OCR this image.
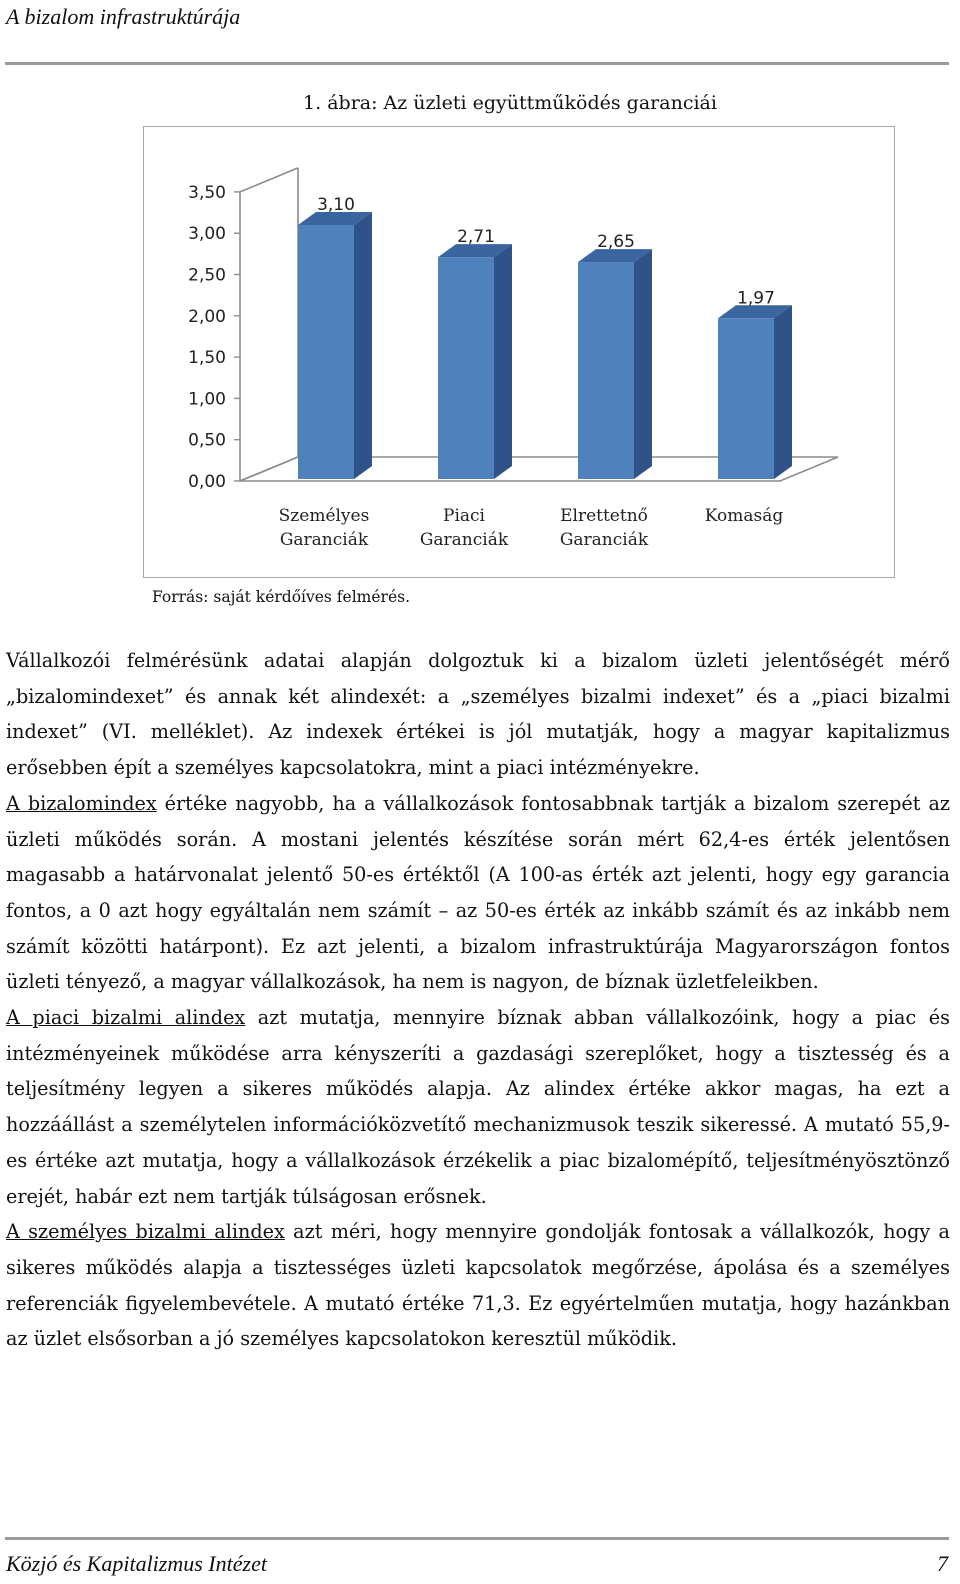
A bizalom infrastruktúrája
1. ábra: Az üzleti együttműködés garanciái
0,00
0,50
1,00
1,50
2,00
2,50
3,00
3,50
3,10
Személyes
Garanciák
2,71
Piaci
Garanciák
2,65
Elrettetnő
Garanciák
1,97
Komaság
Forrás: saját kérdőíves felmérés.

Vállalkozói felmérésünk adatai alapján dolgoztuk ki a bizalom üzleti jelentőségét mérő „bizalomindexet” és annak két alindexét: a „személyes bizalmi indexet” és a „piaci bizalmi indexet” (VI. melléklet). Az indexek értékei is jól mutatják, hogy a magyar kapitalizmus erősebben épít a személyes kapcsolatokra, mint a piaci intézményekre.

A bizalomindex értéke nagyobb, ha a vállalkozások fontosabbnak tartják a bizalom szerepét az üzleti működés során. A mostani jelentés készítése során mért 62,4-es érték jelentősen magasabb a határvonalat jelentő 50-es értéktől (A 100-as érték azt jelenti, hogy egy garancia fontos, a 0 azt hogy egyáltalán nem számít – az 50-es érték az inkább számít és az inkább nem számít közötti határpont). Ez azt jelenti, a bizalom infrastruktúrája Magyarországon fontos üzleti tényező, a magyar vállalkozások, ha nem is nagyon, de bíznak üzletfeleikben.

A piaci bizalmi alindex azt mutatja, mennyire bíznak abban vállalkozóink, hogy a piac és intézményeinek működése arra kényszeríti a gazdasági szereplőket, hogy a tisztesség és a teljesítmény legyen a sikeres működés alapja. Az alindex értéke akkor magas, ha ezt a hozzáállást a személytelen információközvetítő mechanizmusok teszik sikeressé. A mutató 55,9-es értéke azt mutatja, hogy a vállalkozások érzékelik a piac bizalomépítő, teljesítményösztönző erejét, habár ezt nem tartják túlságosan erősnek.

A személyes bizalmi alindex azt méri, hogy mennyire gondolják fontosak a vállalkozók, hogy a sikeres működés alapja a tisztességes üzleti kapcsolatok megőrzése, ápolása és a személyes referenciák figyelembevétele. A mutató értéke 71,3. Ez egyértelműen mutatja, hogy hazánkban az üzlet elsősorban a jó személyes kapcsolatokon keresztül működik.

Közjó és Kapitalizmus Intézet	7
